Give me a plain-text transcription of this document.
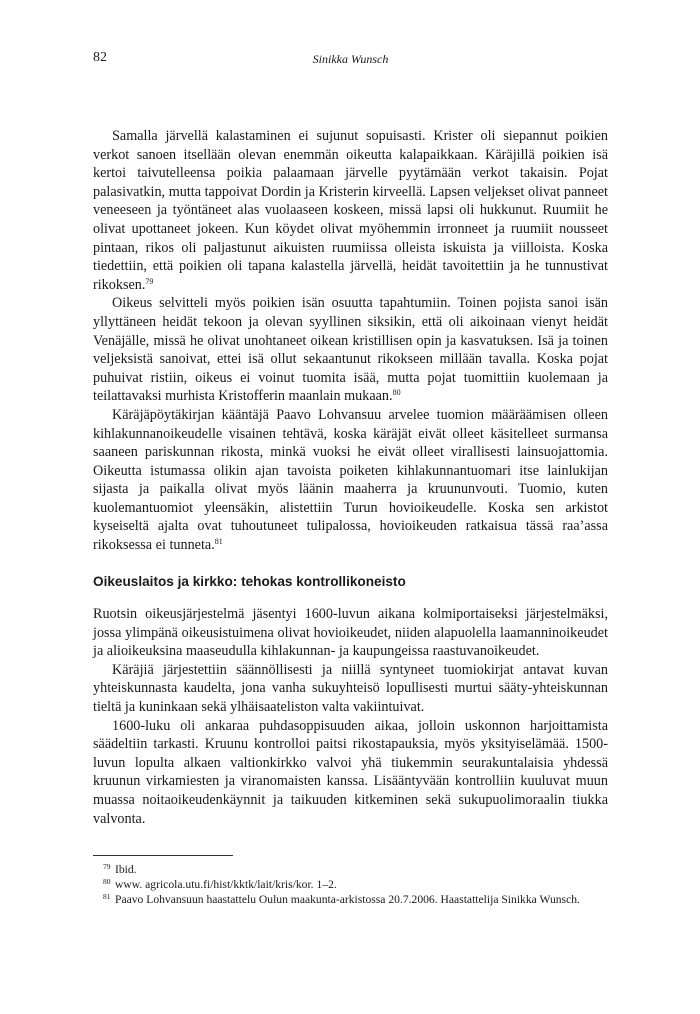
82	Sinikka Wunsch

Samalla järvellä kalastaminen ei sujunut sopuisasti. Krister oli siepannut poikien verkot sanoen itsellään olevan enemmän oikeutta kalapaikkaan. Käräjillä poikien isä kertoi taivutelleensa poikia palaamaan järvelle pyytämään verkot takaisin. Pojat palasivatkin, mutta tappoivat Dordin ja Kristerin kirveellä. Lapsen veljekset olivat panneet veneeseen ja työntäneet alas vuolaaseen koskeen, missä lapsi oli hukkunut. Ruumiit he olivat upottaneet jokeen. Kun köydet olivat myöhemmin irronneet ja ruumiit nousseet pintaan, rikos oli paljastunut aikuisten ruumiissa olleista iskuista ja viilloista. Koska tiedettiin, että poikien oli tapana kalastella järvellä, heidät tavoitettiin ja he tunnustivat rikoksen.$^{79}$

Oikeus selvitteli myös poikien isän osuutta tapahtumiin. Toinen pojista sanoi isän yllyttäneen heidät tekoon ja olevan syyllinen siksikin, että oli aikoinaan vienyt heidät Venäjälle, missä he olivat unohtaneet oikean kristillisen opin ja kasvatuksen. Isä ja toinen veljeksistä sanoivat, ettei isä ollut sekaantunut rikokseen millään tavalla. Koska pojat puhuivat ristiin, oikeus ei voinut tuomita isää, mutta pojat tuomittiin kuolemaan ja teilattavaksi murhista Kristofferin maanlain mukaan.$^{80}$

Käräjäpöytäkirjan kääntäjä Paavo Lohvansuu arvelee tuomion määräämisen olleen kihlakunnanoikeudelle visainen tehtävä, koska käräjät eivät olleet käsitelleet surmansa saaneen pariskunnan rikosta, minkä vuoksi he eivät olleet virallisesti lainsuojattomia. Oikeutta istumassa olikin ajan tavoista poiketen kihlakunnantuomari itse lainlukijan sijasta ja paikalla olivat myös läänin maaherra ja kruununvouti. Tuomio, kuten kuolemantuomiot yleensäkin, alistettiin Turun hovioikeudelle. Koska sen arkistot kyseiseltä ajalta ovat tuhoutuneet tulipalossa, hovioikeuden ratkaisua tässä raa’assa rikoksessa ei tunneta.$^{81}$

Oikeuslaitos ja kirkko: tehokas kontrollikoneisto

Ruotsin oikeusjärjestelmä jäsentyi 1600-luvun aikana kolmiportaiseksi järjestelmäksi, jossa ylimpänä oikeusistuimena olivat hovioikeudet, niiden alapuolella laamanninoikeudet ja alioikeuksina maaseudulla kihlakunnan- ja kaupungeissa raastuvanoikeudet.

Käräjiä järjestettiin säännöllisesti ja niillä syntyneet tuomiokirjat antavat kuvan yhteiskunnasta kaudelta, jona vanha sukuyhteisö lopullisesti murtui sääty-yhteiskunnan tieltä ja kuninkaan sekä ylhäisaateliston valta vakiintuivat.

1600-luku oli ankaraa puhdasoppisuuden aikaa, jolloin uskonnon harjoittamista säädeltiin tarkasti. Kruunu kontrolloi paitsi rikostapauksia, myös yksityiselämää. 1500-luvun lopulta alkaen valtionkirkko valvoi yhä tiukemmin seurakuntalaisia yhdessä kruunun virkamiesten ja viranomaisten kanssa. Lisääntyvään kontrolliin kuuluvat muun muassa noitaoikeudenkäynnit ja taikuuden kitkeminen sekä sukupuolimoraalin tiukka valvonta.

79 Ibid.
80 www. agricola.utu.fi/hist/kktk/lait/kris/kor. 1–2.
81 Paavo Lohvansuun haastattelu Oulun maakunta-arkistossa 20.7.2006. Haastattelija Sinikka Wunsch.
